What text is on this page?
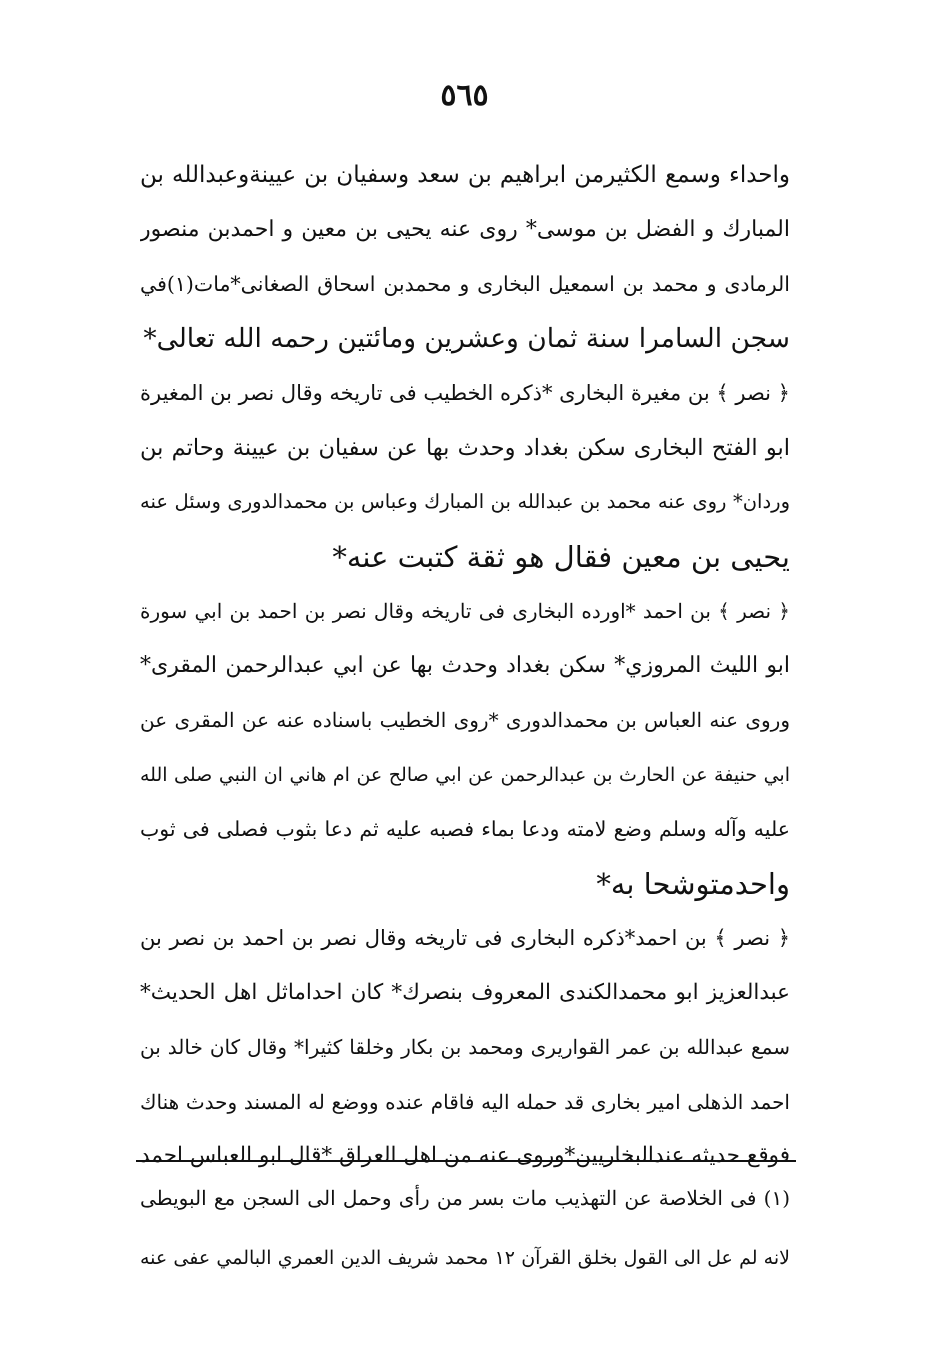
٥٦٥
واحداء وسمع الكثيرمن ابراهيم بن سعد وسفيان بن عيينةوعبدالله بن
المبارك و الفضل بن موسى* روى عنه يحيى بن معين و احمدبن منصور
الرمادى و محمد بن اسمعيل البخارى و محمدبن اسحاق الصغانى*مات(١)في
سجن السامرا سنة ثمان وعشرين ومائتين رحمه الله تعالى*
﴿ نصر ﴾ بن مغيرة البخارى *ذكره الخطيب فى تاريخه وقال نصر بن المغيرة
ابو الفتح البخارى سكن بغداد وحدث بها عن سفيان بن عيينة وحاتم بن
وردان* روى عنه محمد بن عبدالله بن المبارك وعباس بن محمدالدورى وسئل عنه
يحيى بن معين فقال هو ثقة كتبت عنه*
﴿ نصر ﴾ بن احمد *اورده البخارى فى تاريخه وقال نصر بن احمد بن ابي سورة
ابو الليث المروزي* سكن بغداد وحدث بها عن ابي عبدالرحمن المقرى*
وروى عنه العباس بن محمدالدورى *روى الخطيب باسناده عنه عن المقرى عن
ابي حنيفة عن الحارث بن عبدالرحمن عن ابي صالح عن ام هاني ان النبي صلى الله
عليه وآله وسلم وضع لامته ودعا بماء فصبه عليه ثم دعا بثوب فصلى فى ثوب
واحدمتوشحا به*
﴿ نصر ﴾ بن احمد*ذكره البخارى فى تاريخه وقال نصر بن احمد بن نصر بن
عبدالعزيز ابو محمدالكندى المعروف بنصرك* كان احداماثل اهل الحديث*
سمع عبدالله بن عمر القواريرى ومحمد بن بكار وخلقا كثيرا* وقال كان خالد بن
احمد الذهلى امير بخارى قد حمله اليه فاقام عنده ووضع له المسند وحدث هناك
فوقع حديثه عندالبخاريين*وروى عنه من اهل العراق *قال ابو العباس احمد
(١) فى الخلاصة عن التهذيب مات بسر من رأى وحمل الى السجن مع البويطى
لانه لم عل الى القول بخلق القرآن ١٢ محمد شريف الدين العمري البالمي عفى عنه
